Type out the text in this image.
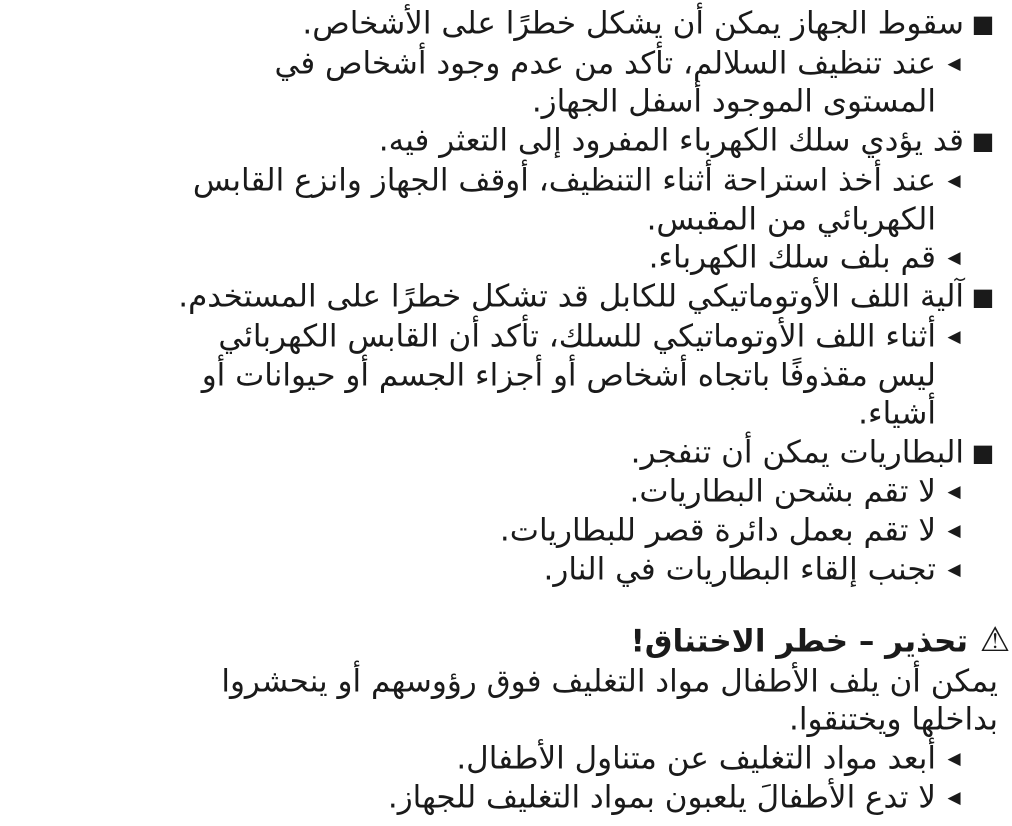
■سقوط الجهاز يمكن أن يشكل خطرًا على الأشخاص.
◀عند تنظيف السلالم، تأكد من عدم وجود أشخاص في
المستوى الموجود أسفل الجهاز.
■قد يؤدي سلك الكهرباء المفرود إلى التعثر فيه.
◀عند أخذ استراحة أثناء التنظيف، أوقف الجهاز وانزع القابس
الكهربائي من المقبس.
◀قم بلف سلك الكهرباء.
■آلية اللف الأوتوماتيكي للكابل قد تشكل خطرًا على المستخدم.
◀أثناء اللف الأوتوماتيكي للسلك، تأكد أن القابس الكهربائي
ليس مقذوفًا باتجاه أشخاص أو أجزاء الجسم أو حيوانات أو
أشياء.
■البطاريات يمكن أن تنفجر.
◀لا تقم بشحن البطاريات.
◀لا تقم بعمل دائرة قصر للبطاريات.
◀تجنب إلقاء البطاريات في النار.
⚠
تحذير – خطر الاختناق!
يمكن أن يلف الأطفال مواد التغليف فوق رؤوسهم أو ينحشروا
بداخلها ويختنقوا.
◀أبعد مواد التغليف عن متناول الأطفال.
◀لا تدع الأطفالَ يلعبون بمواد التغليف للجهاز.
